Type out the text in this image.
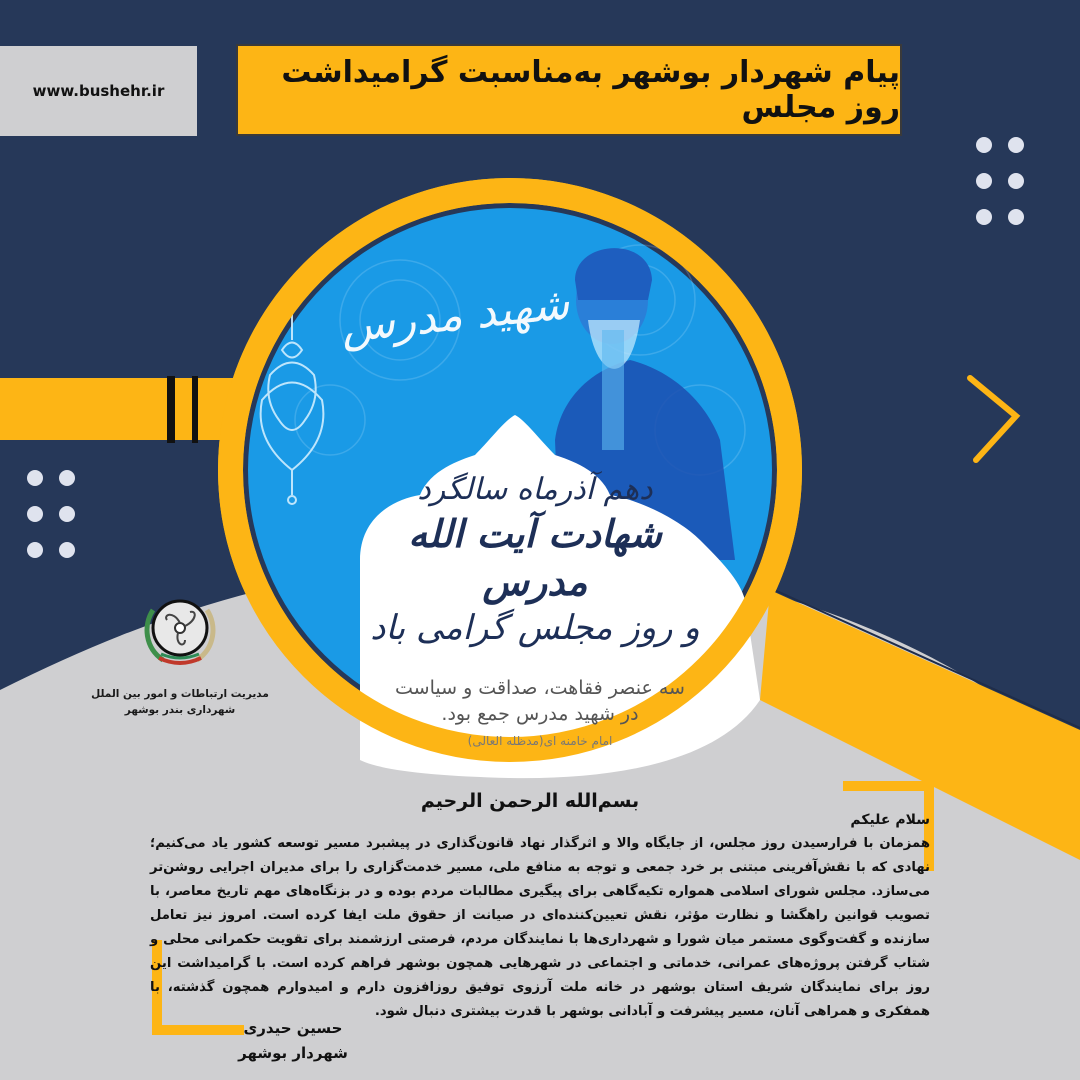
www.bushehr.ir
پیام شهردار بوشهر به‌مناسبت گرامیداشت روز مجلس
شهید مدرس
دهم آذرماه سالگرد
شهادت آیت الله مدرس
و روز مجلس گرامی باد
سه عنصر فقاهت، صداقت و سیاست
در شهید مدرس جمع بود.
امام خامنه ای(مدظله العالی)
مدیریت ارتباطات و امور بین الملل
شهرداری بندر بوشهر
بسم‌الله الرحمن الرحیم
سلام علیکم
همزمان با فرارسیدن روز مجلس، از جایگاه والا و اثرگذار نهاد قانون‌گذاری در پیشبرد مسیر توسعه کشور یاد می‌کنیم؛ نهادی که با نقش‌آفرینی مبتنی بر خرد جمعی و توجه به منافع ملی، مسیر خدمت‌گزاری را برای مدیران اجرایی روشن‌تر می‌سازد. مجلس شورای اسلامی همواره تکیه‌گاهی برای پیگیری مطالبات مردم بوده و در بزنگاه‌های مهم تاریخ معاصر، با تصویب قوانین راهگشا و نظارت مؤثر، نقش تعیین‌کننده‌ای در صیانت از حقوق ملت ایفا کرده است. امروز نیز تعامل سازنده و گفت‌وگوی مستمر میان شورا و شهرداری‌ها با نمایندگان مردم، فرصتی ارزشمند برای تقویت حکمرانی محلی و شتاب گرفتن پروژه‌های عمرانی، خدماتی و اجتماعی در شهرهایی همچون بوشهر فراهم کرده است. با گرامیداشت این روز برای نمایندگان شریف استان بوشهر در خانه ملت آرزوی توفیق روزافزون دارم و امیدوارم همچون گذشته، با همفکری و همراهی آنان، مسیر پیشرفت و آبادانی بوشهر با قدرت بیشتری دنبال شود.
حسین حیدری
شهردار بوشهر
